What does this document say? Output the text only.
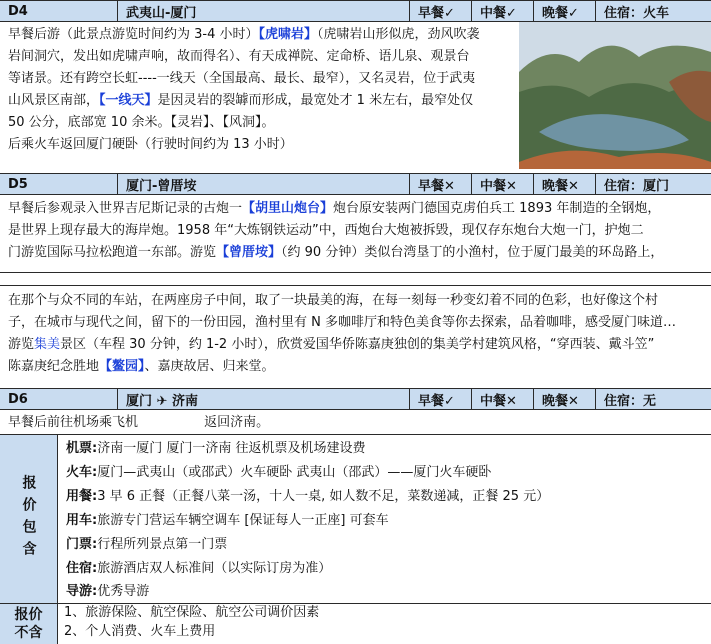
D4	武夷山-厦门	早餐✓	中餐✓	晚餐✓	住宿：火车
早餐后游（此景点游览时间约为 3-4 小时）【虎啸岩】（虎啸岩山形似虎，劲风吹袭
岩间洞穴，发出如虎啸声响，故而得名）、有天成禅院、定命桥、语儿泉、观景台
等诸景。还有跨空长虹----一线天（全国最高、最长、最窄），又名灵岩，位于武夷
山风景区南部，【一线天】是因灵岩的裂罅而形成，最宽处才 1 米左右，最窄处仅
50 公分，底部宽 10 余米。【灵岩】、【风洞】。
后乘火车返回厦门硬卧（行驶时间约为 13 小时）
D5	厦门-曾厝垵	早餐✕	中餐✕	晚餐✕	住宿：厦门
早餐后参观录入世界吉尼斯记录的古炮一【胡里山炮台】炮台原安装两门德国克虏伯兵工 1893 年制造的全钢炮，
是世界上现存最大的海岸炮。1958 年“大炼钢铁运动”中，西炮台大炮被拆毁，现仅存东炮台大炮一门，护炮二
门游览国际马拉松跑道一东部。游览【曾厝垵】（约 90 分钟）类似台湾垦丁的小渔村，位于厦门最美的环岛路上，
在那个与众不同的车站，在两座房子中间，取了一块最美的海，在每一刻每一秒变幻着不同的色彩，也好像这个村
子，在城市与现代之间，留下的一份田园，渔村里有 N 多咖啡厅和特色美食等你去探索，品着咖啡，感受厦门味道…
游览集美景区（车程 30 分钟，约 1-2 小时），欣赏爱国华侨陈嘉庚独创的集美学村建筑风格，“穿西装、戴斗笠”
陈嘉庚纪念胜地【鳌园】、嘉庚故居、归来堂。
D6	厦门 ✈ 济南	早餐✓	中餐✕	晚餐✕	住宿：无
早餐后前往机场乘飞机                返回济南。
报价包含
机票:济南一厦门 厦门一济南 往返机票及机场建设费
火车:厦门—武夷山（或邵武）火车硬卧 武夷山（邵武）——厦门火车硬卧
用餐:3 早 6 正餐（正餐八菜一汤，十人一桌, 如人数不足，菜数递减，正餐 25 元）
用车:旅游专门营运车辆空调车 [保证每人一正座] 可套车
门票:行程所列景点第一门票
住宿:旅游酒店双人标准间（以实际订房为准）
导游:优秀导游
报价
不含
1、旅游保险、航空保险、航空公司调价因素
2、个人消费、火车上费用
